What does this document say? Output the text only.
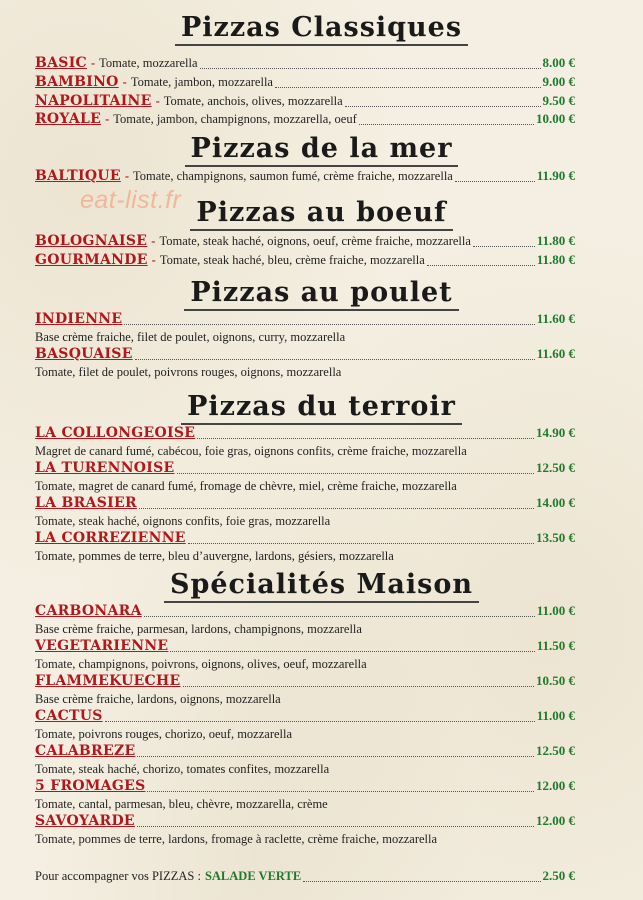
eat-list.fr
Pizzas Classiques
BASIC - Tomate, mozzarella	8.00 €
BAMBINO - Tomate, jambon, mozzarella	9.00 €
NAPOLITAINE - Tomate, anchois, olives, mozzarella	9.50 €
ROYALE - Tomate, jambon, champignons, mozzarella, oeuf	10.00 €
Pizzas de la mer
BALTIQUE - Tomate, champignons, saumon fumé, crème fraiche, mozzarella	11.90 €
Pizzas au boeuf
BOLOGNAISE - Tomate, steak haché, oignons, oeuf, crème fraiche, mozzarella	11.80 €
GOURMANDE - Tomate, steak haché, bleu, crème fraiche, mozzarella	11.80 €
Pizzas au poulet
INDIENNE	11.60 €
Base crème fraiche, filet de poulet, oignons, curry, mozzarella
BASQUAISE	11.60 €
Tomate, filet de poulet, poivrons rouges, oignons, mozzarella
Pizzas du terroir
LA COLLONGEOISE	14.90 €
Magret de canard fumé, cabécou, foie gras, oignons confits, crème fraiche, mozzarella
LA TURENNOISE	12.50 €
Tomate, magret de canard fumé, fromage de chèvre, miel, crème fraiche, mozzarella
LA BRASIER	14.00 €
Tomate, steak haché, oignons confits, foie gras, mozzarella
LA CORREZIENNE	13.50 €
Tomate, pommes de terre, bleu d’auvergne, lardons, gésiers, mozzarella
Spécialités Maison
CARBONARA	11.00 €
Base crème fraiche, parmesan, lardons, champignons, mozzarella
VEGETARIENNE	11.50 €
Tomate, champignons, poivrons, oignons, olives, oeuf, mozzarella
FLAMMEKUECHE	10.50 €
Base crème fraiche, lardons, oignons, mozzarella
CACTUS	11.00 €
Tomate, poivrons rouges, chorizo, oeuf, mozzarella
CALABREZE	12.50 €
Tomate, steak haché, chorizo, tomates confites, mozzarella
5 FROMAGES	12.00 €
Tomate, cantal, parmesan, bleu, chèvre, mozzarella, crème
SAVOYARDE	12.00 €
Tomate, pommes de terre, lardons, fromage à raclette, crème fraiche, mozzarella
Pour accompagner vos PIZZAS : SALADE VERTE	2.50 €
